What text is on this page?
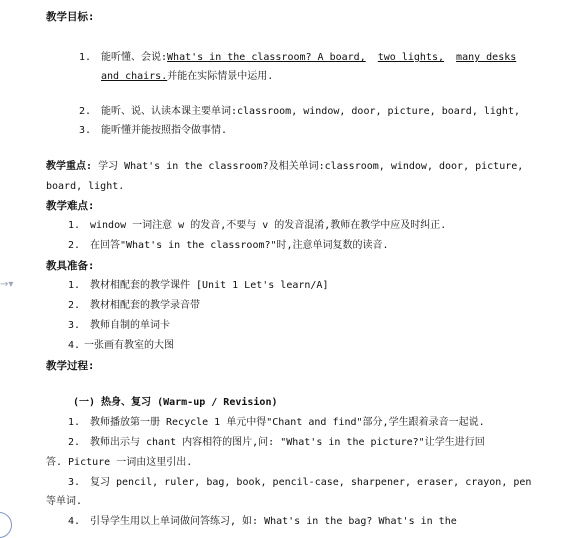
教学目标:
1. 能听懂、会说:What's in the classroom? A board, two lights, many desks
and chairs.并能在实际情景中运用.
2. 能听、说、认读本课主要单词:classroom, window, door, picture, board, light,
3. 能听懂并能按照指令做事情.
教学重点: 学习 What's in the classroom?及相关单词:classroom, window, door, picture,
board, light.
教学难点:
1. window 一词注意 w 的发音,不要与 v 的发音混淆,教师在教学中应及时纠正.
2. 在回答"What's in the classroom?"时,注意单词复数的读音.
教具准备:
→▾	1. 教材相配套的教学课件 [Unit 1 Let's learn/A]
2. 教材相配套的教学录音带
3. 教师自制的单词卡
4. 一张画有教室的大图
教学过程:
(一) 热身、复习 (Warm-up / Revision)
1. 教师播放第一册 Recycle 1 单元中得"Chant and find"部分,学生跟着录音一起说.
2. 教师出示与 chant 内容相符的图片,问: "What's in the picture?"让学生进行回
答. Picture 一词由这里引出.
3. 复习 pencil, ruler, bag, book, pencil-case, sharpener, eraser, crayon, pen
等单词.
4. 引导学生用以上单词做问答练习, 如: What's in the bag? What's in the
